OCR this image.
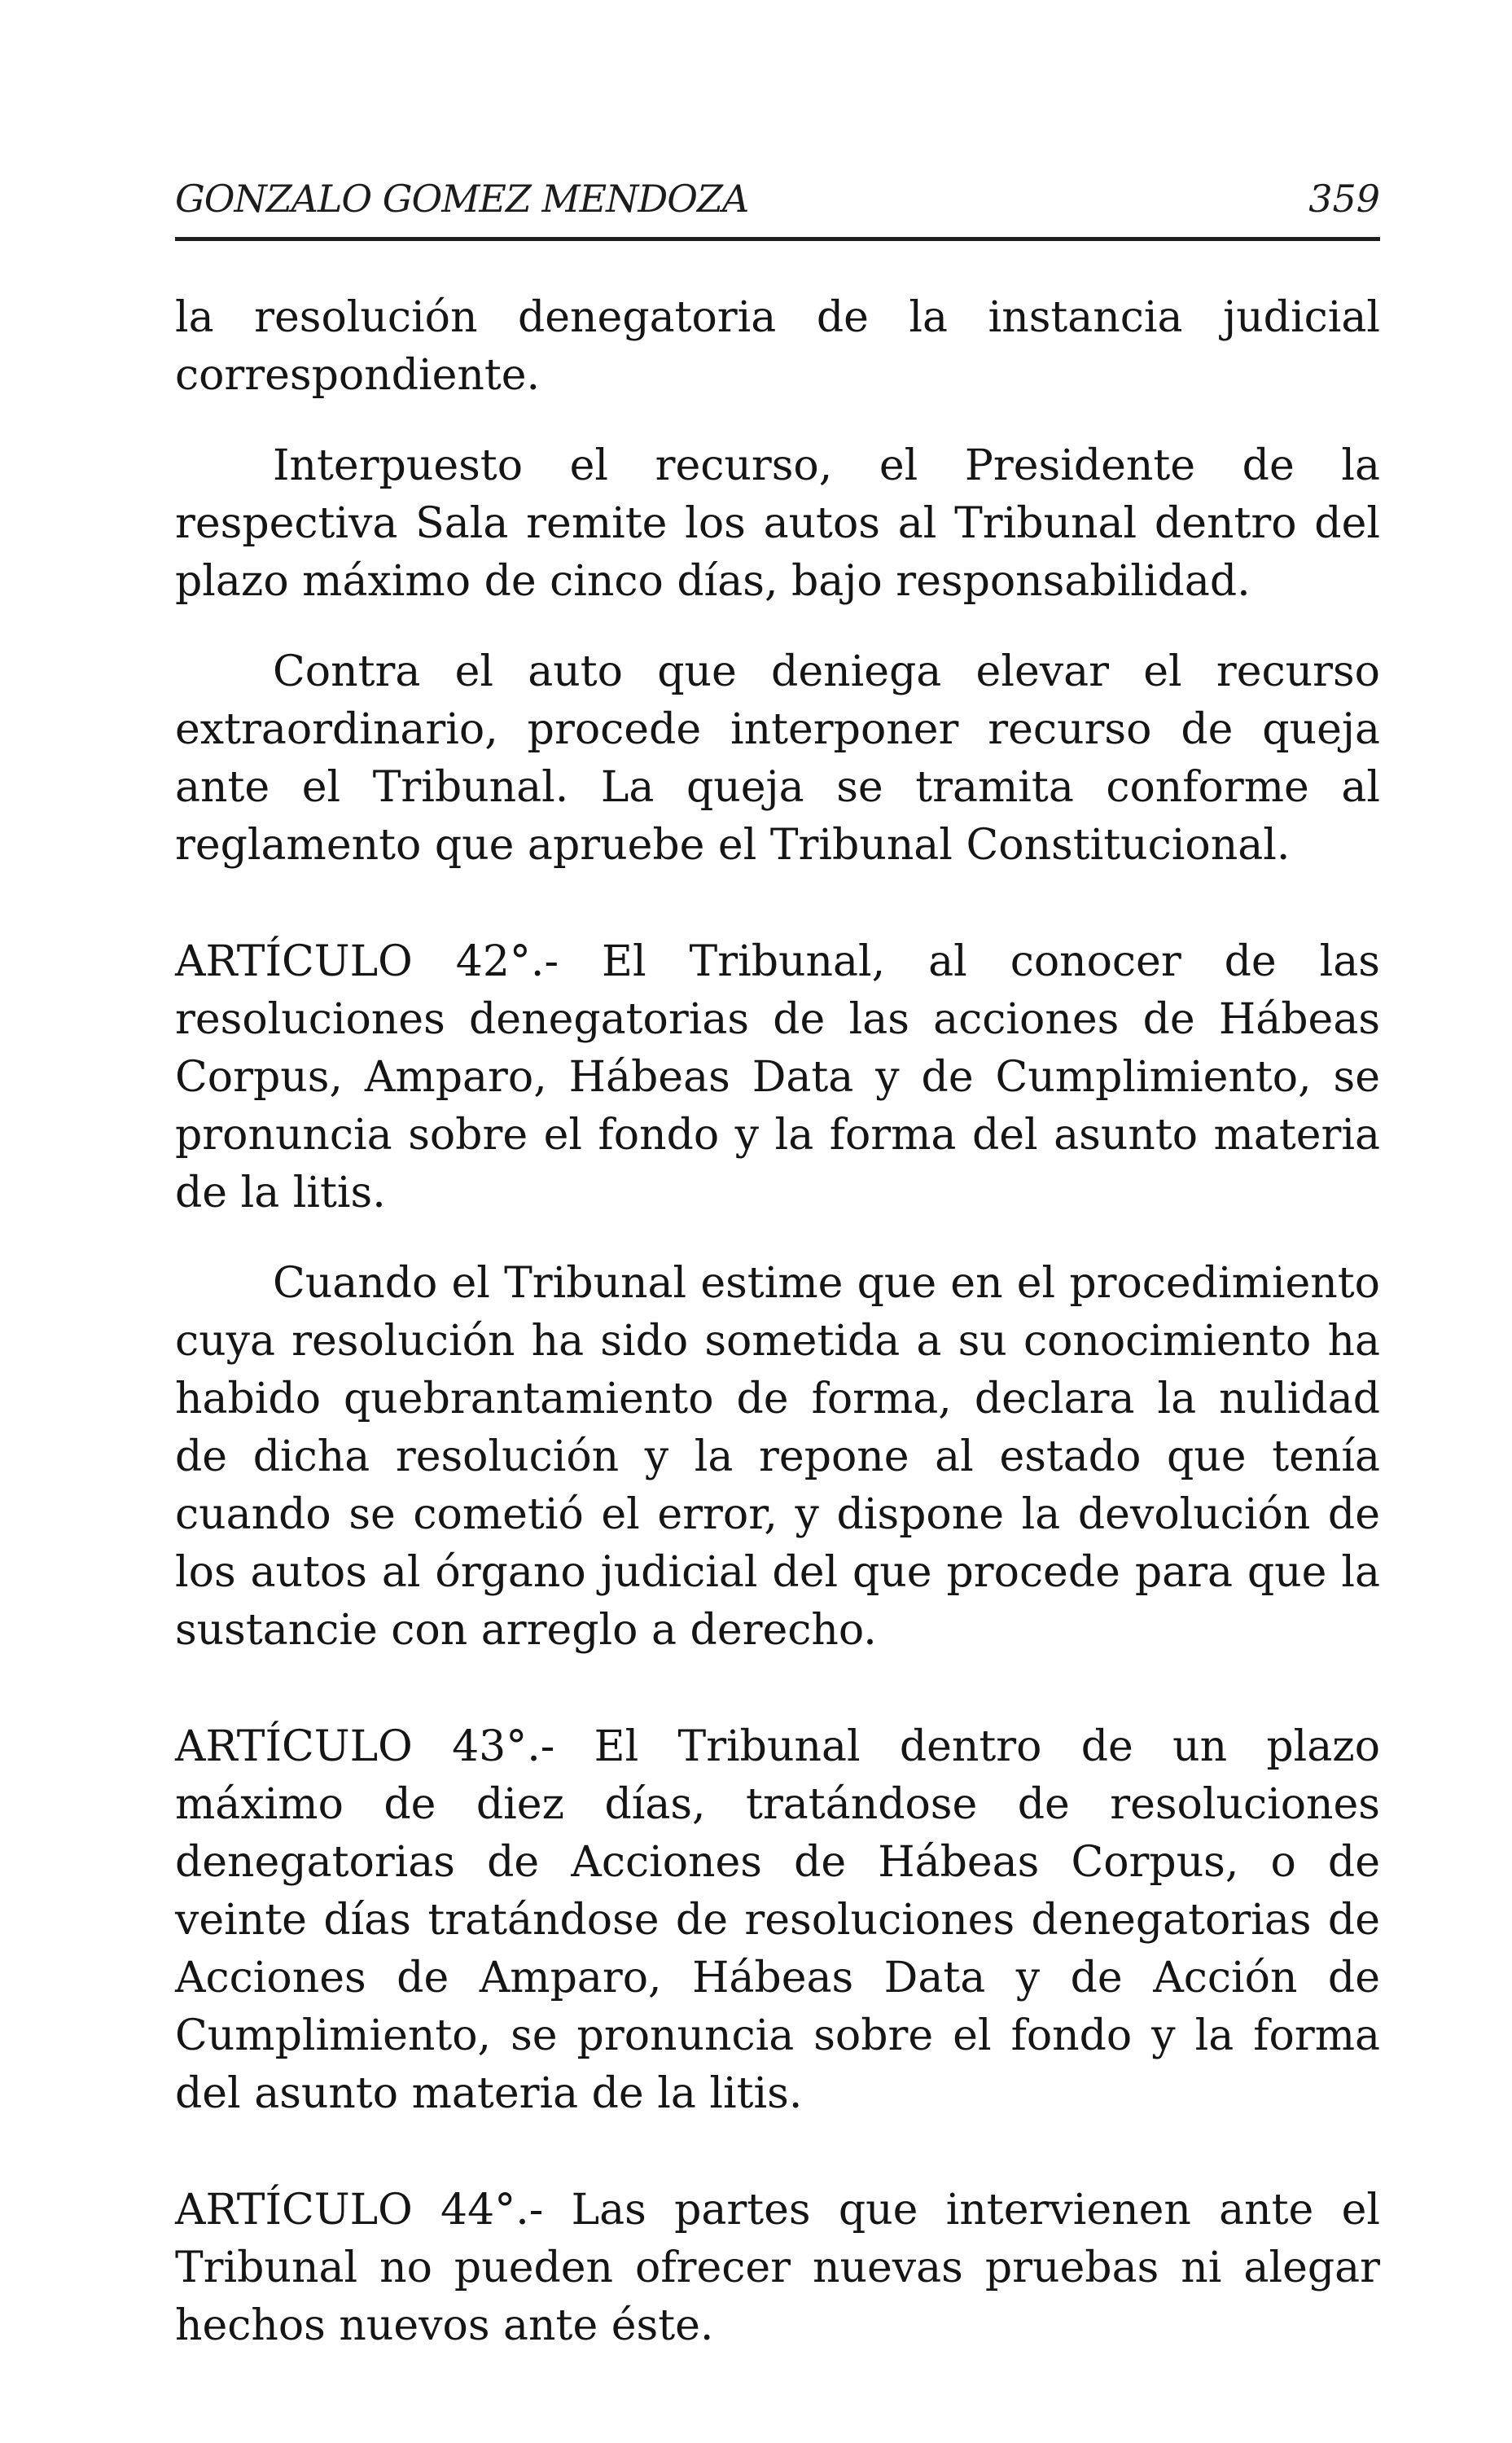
GONZALO GOMEZ MENDOZA	359

la resolución denegatoria de la instancia judicial correspondiente.

Interpuesto el recurso, el Presidente de la respectiva Sala remite los autos al Tribunal dentro del plazo máximo de cinco días, bajo responsabilidad.

Contra el auto que deniega elevar el recurso extraordinario, procede interponer recurso de queja ante el Tribunal. La queja se tramita conforme al reglamento que apruebe el Tribunal Constitucional.

ARTÍCULO 42°.- El Tribunal, al conocer de las resoluciones denegatorias de las acciones de Hábeas Corpus, Amparo, Hábeas Data y de Cumplimiento, se pronuncia sobre el fondo y la forma del asunto materia de la litis.

Cuando el Tribunal estime que en el procedimiento cuya resolución ha sido sometida a su conocimiento ha habido quebrantamiento de forma, declara la nulidad de dicha resolución y la repone al estado que tenía cuando se cometió el error, y dispone la devolución de los autos al órgano judicial del que procede para que la sustancie con arreglo a derecho.

ARTÍCULO 43°.- El Tribunal dentro de un plazo máximo de diez días, tratándose de resoluciones denegatorias de Acciones de Hábeas Corpus, o de veinte días tratándose de resoluciones denegatorias de Acciones de Amparo, Hábeas Data y de Acción de Cumplimiento, se pronuncia sobre el fondo y la forma del asunto materia de la litis.

ARTÍCULO 44°.- Las partes que intervienen ante el Tribunal no pueden ofrecer nuevas pruebas ni alegar hechos nuevos ante éste.
